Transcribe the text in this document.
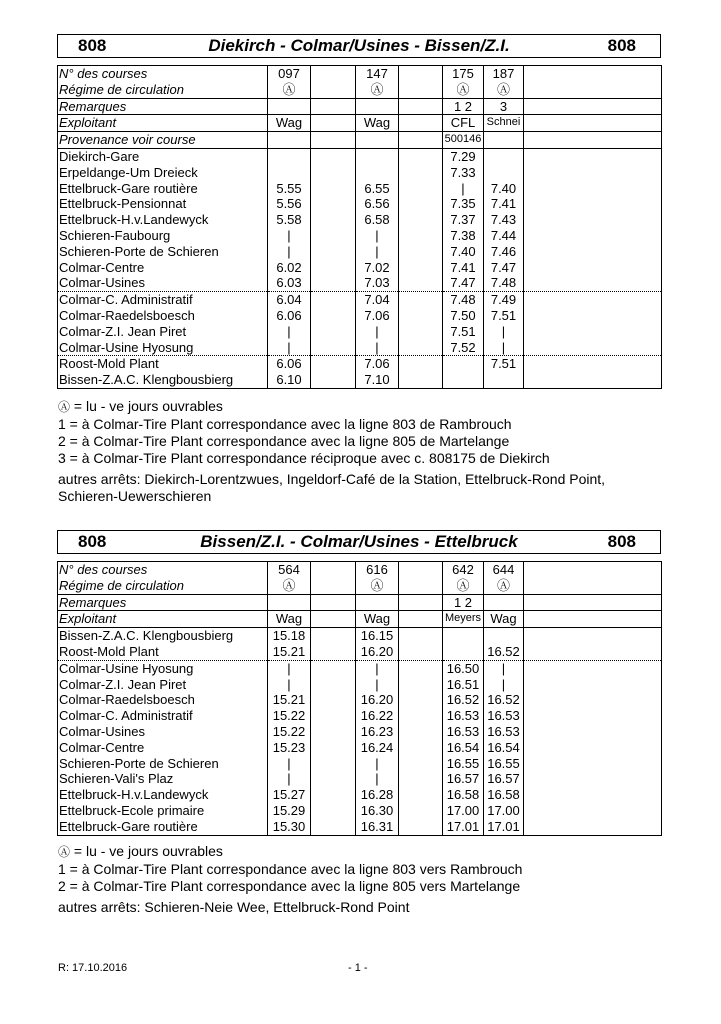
808	Diekirch - Colmar/Usines - Bissen/Z.I.	808
N° des courses	097		147		175	187	
Régime de circulation	Ⓐ		Ⓐ		Ⓐ	Ⓐ	
Remarques					1 2	3	
Exploitant	Wag		Wag		CFL	Schnei	
Provenance voir course					500146		
Diekirch-Gare					7.29		
Erpeldange-Um Dreieck					7.33		
Ettelbruck-Gare routière	5.55		6.55		|	7.40	
Ettelbruck-Pensionnat	5.56		6.56		7.35	7.41	
Ettelbruck-H.v.Landewyck	5.58		6.58		7.37	7.43	
Schieren-Faubourg	|		|		7.38	7.44	
Schieren-Porte de Schieren	|		|		7.40	7.46	
Colmar-Centre	6.02		7.02		7.41	7.47	
Colmar-Usines	6.03		7.03		7.47	7.48	
Colmar-C. Administratif	6.04		7.04		7.48	7.49	
Colmar-Raedelsboesch	6.06		7.06		7.50	7.51	
Colmar-Z.I. Jean Piret	|		|		7.51	|	
Colmar-Usine Hyosung	|		|		7.52	|	
Roost-Mold Plant	6.06		7.06			7.51	
Bissen-Z.A.C. Klengbousbierg	6.10		7.10				
Ⓐ = lu - ve jours ouvrables
1 = à Colmar-Tire Plant correspondance avec la ligne 803 de Rambrouch
2 = à Colmar-Tire Plant correspondance avec la ligne 805 de Martelange
3 = à Colmar-Tire Plant correspondance réciproque avec c. 808175 de Diekirch
autres arrêts: Diekirch-Lorentzwues, Ingeldorf-Café de la Station, Ettelbruck-Rond Point, Schieren-Uewerschieren
808	Bissen/Z.I. - Colmar/Usines - Ettelbruck	808
N° des courses	564		616		642	644	
Régime de circulation	Ⓐ		Ⓐ		Ⓐ	Ⓐ	
Remarques					1 2		
Exploitant	Wag		Wag		Meyers	Wag	
Bissen-Z.A.C. Klengbousbierg	15.18		16.15				
Roost-Mold Plant	15.21		16.20			16.52	
Colmar-Usine Hyosung	|		|		16.50	|	
Colmar-Z.I. Jean Piret	|		|		16.51	|	
Colmar-Raedelsboesch	15.21		16.20		16.52	16.52	
Colmar-C. Administratif	15.22		16.22		16.53	16.53	
Colmar-Usines	15.22		16.23		16.53	16.53	
Colmar-Centre	15.23		16.24		16.54	16.54	
Schieren-Porte de Schieren	|		|		16.55	16.55	
Schieren-Vali's Plaz	|		|		16.57	16.57	
Ettelbruck-H.v.Landewyck	15.27		16.28		16.58	16.58	
Ettelbruck-Ecole primaire	15.29		16.30		17.00	17.00	
Ettelbruck-Gare routière	15.30		16.31		17.01	17.01	
Ⓐ = lu - ve jours ouvrables
1 = à Colmar-Tire Plant correspondance avec la ligne 803 vers Rambrouch
2 = à Colmar-Tire Plant correspondance avec la ligne 805 vers Martelange
autres arrêts: Schieren-Neie Wee, Ettelbruck-Rond Point
R: 17.10.2016	- 1 -
